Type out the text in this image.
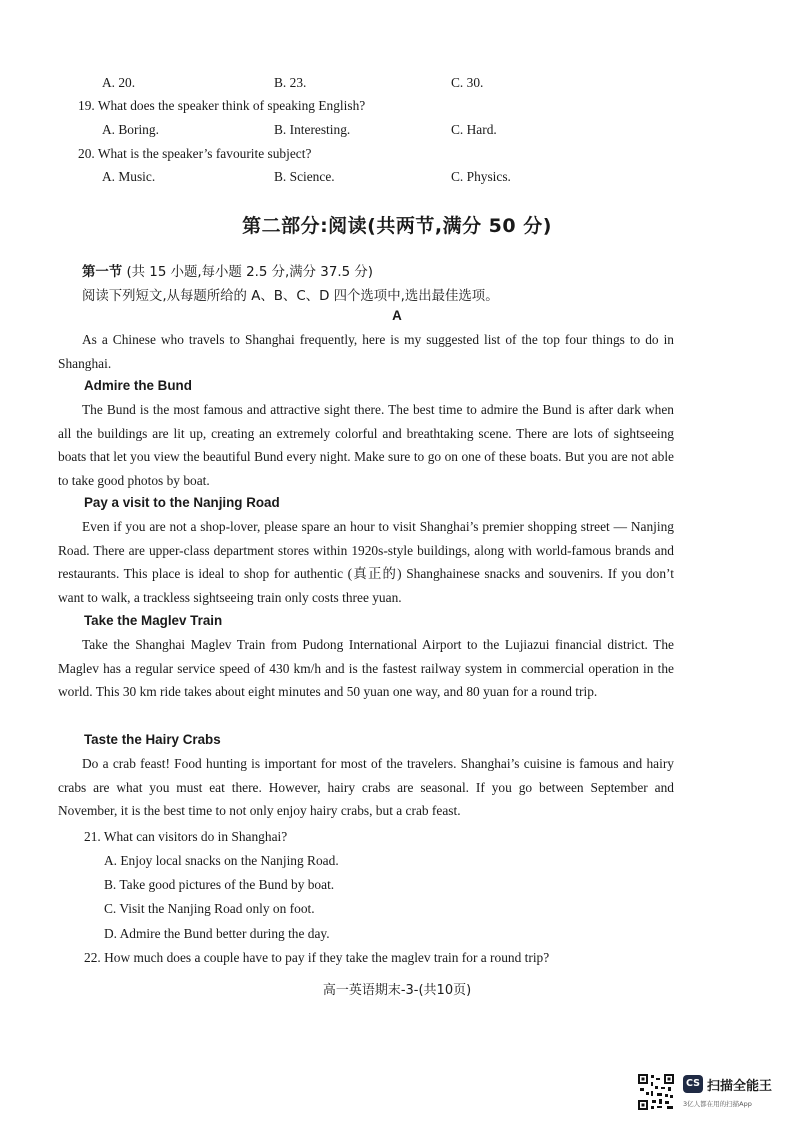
A. 20.	B. 23.	C. 30.
19. What does the speaker think of speaking English?
A. Boring.	B. Interesting.	C. Hard.
20. What is the speaker’s favourite subject?
A. Music.	B. Science.	C. Physics.
第二部分:阅读(共两节,满分 50 分)
第一节 (共 15 小题,每小题 2.5 分,满分 37.5 分)
阅读下列短文,从每题所给的 A、B、C、D 四个选项中,选出最佳选项。
A
As a Chinese who travels to Shanghai frequently, here is my suggested list of the top four things to do in Shanghai.
Admire the Bund
The Bund is the most famous and attractive sight there. The best time to admire the Bund is after dark when all the buildings are lit up, creating an extremely colorful and breathtaking scene. There are lots of sightseeing boats that let you view the beautiful Bund every night. Make sure to go on one of these boats. But you are not able to take good photos by boat.
Pay a visit to the Nanjing Road
Even if you are not a shop-lover, please spare an hour to visit Shanghai’s premier shopping street — Nanjing Road. There are upper-class department stores within 1920s-style buildings, along with world-famous brands and restaurants. This place is ideal to shop for authentic (真正的) Shanghainese snacks and souvenirs. If you don’t want to walk, a trackless sightseeing train only costs three yuan.
Take the Maglev Train
Take the Shanghai Maglev Train from Pudong International Airport to the Lujiazui financial district. The Maglev has a regular service speed of 430 km/h and is the fastest railway system in commercial operation in the world. This 30 km ride takes about eight minutes and 50 yuan one way, and 80 yuan for a round trip.
Taste the Hairy Crabs
Do a crab feast! Food hunting is important for most of the travelers. Shanghai’s cuisine is famous and hairy crabs are what you must eat there. However, hairy crabs are seasonal. If you go between September and November, it is the best time to not only enjoy hairy crabs, but a crab feast.
21. What can visitors do in Shanghai?
A. Enjoy local snacks on the Nanjing Road.
B. Take good pictures of the Bund by boat.
C. Visit the Nanjing Road only on foot.
D. Admire the Bund better during the day.
22. How much does a couple have to pay if they take the maglev train for a round trip?
高一英语期末-3-(共10页)
CS 扫描全能王
3亿人都在用的扫描App
